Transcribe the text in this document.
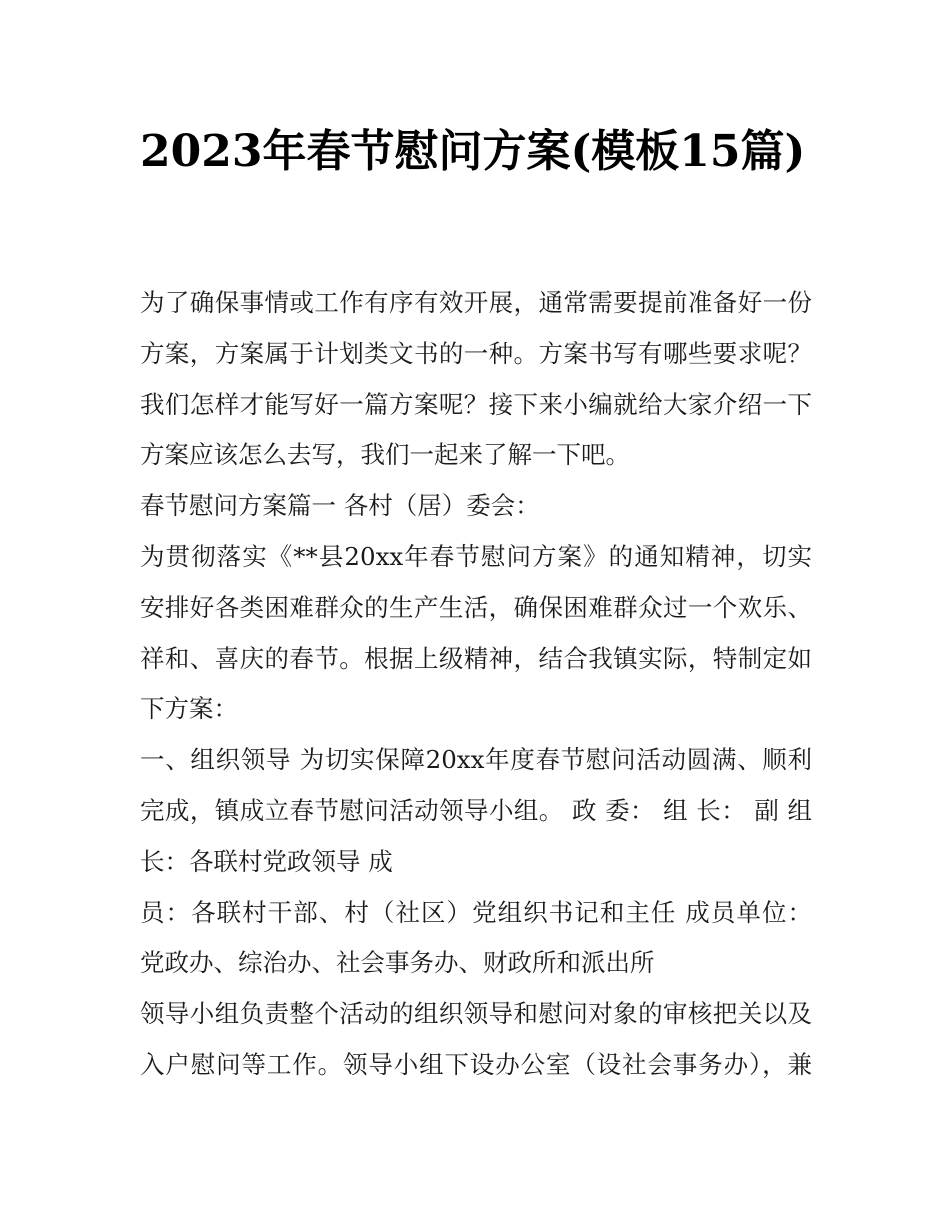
2023年春节慰问方案(模板15篇)

为了确保事情或工作有序有效开展，通常需要提前准备好一份

方案，方案属于计划类文书的一种。方案书写有哪些要求呢？

我们怎样才能写好一篇方案呢？接下来小编就给大家介绍一下

方案应该怎么去写，我们一起来了解一下吧。

春节慰问方案篇一 各村（居）委会：

为贯彻落实《**县20xx年春节慰问方案》的通知精神，切实

安排好各类困难群众的生产生活，确保困难群众过一个欢乐、

祥和、喜庆的春节。根据上级精神，结合我镇实际，特制定如

下方案：

一、组织领导 为切实保障20xx年度春节慰问活动圆满、顺利

完成，镇成立春节慰问活动领导小组。 政 委： 组 长： 副 组

长：各联村党政领导 成

员：各联村干部、村（社区）党组织书记和主任 成员单位：

党政办、综治办、社会事务办、财政所和派出所

领导小组负责整个活动的组织领导和慰问对象的审核把关以及

入户慰问等工作。领导小组下设办公室（设社会事务办），兼
